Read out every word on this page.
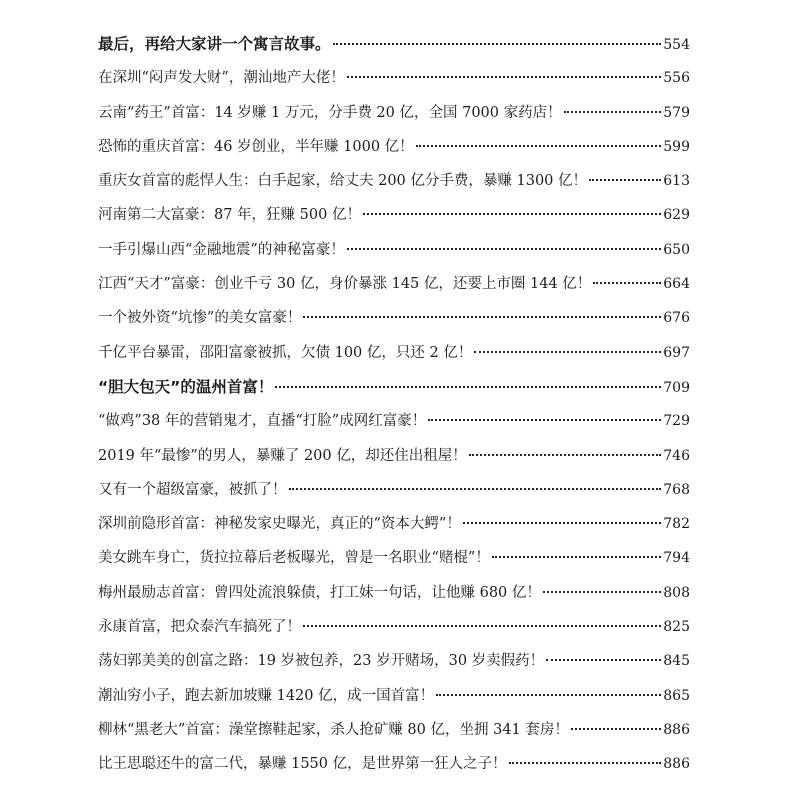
最后，再给大家讲一个寓言故事。	554
在深圳“闷声发大财”，潮汕地产大佬！	556
云南“药王”首富：14 岁赚 1 万元，分手费 20 亿，全国 7000 家药店！	579
恐怖的重庆首富：46 岁创业，半年赚 1000 亿！	599
重庆女首富的彪悍人生：白手起家，给丈夫 200 亿分手费，暴赚 1300 亿！	613
河南第二大富豪：87 年，狂赚 500 亿！	629
一手引爆山西“金融地震”的神秘富豪！	650
江西“天才”富豪：创业千亏 30 亿，身价暴涨 145 亿，还要上市圈 144 亿！	664
一个被外资“坑惨”的美女富豪！	676
千亿平台暴雷，邵阳富豪被抓，欠债 100 亿，只还 2 亿！	697
“胆大包天”的温州首富！	709
“做鸡”38 年的营销鬼才，直播“打脸”成网红富豪！	729
2019 年“最惨”的男人，暴赚了 200 亿，却还住出租屋！	746
又有一个超级富豪，被抓了！	768
深圳前隐形首富：神秘发家史曝光，真正的“资本大鳄”！	782
美女跳车身亡，货拉拉幕后老板曝光，曾是一名职业“赌棍”！	794
梅州最励志首富：曾四处流浪躲债，打工妹一句话，让他赚 680 亿！	808
永康首富，把众泰汽车搞死了！	825
荡妇郭美美的创富之路：19 岁被包养，23 岁开赌场，30 岁卖假药！	845
潮汕穷小子，跑去新加坡赚 1420 亿，成一国首富！	865
柳林“黑老大”首富：澡堂擦鞋起家，杀人抢矿赚 80 亿，坐拥 341 套房！	886
比王思聪还牛的富二代，暴赚 1550 亿，是世界第一狂人之子！	886
